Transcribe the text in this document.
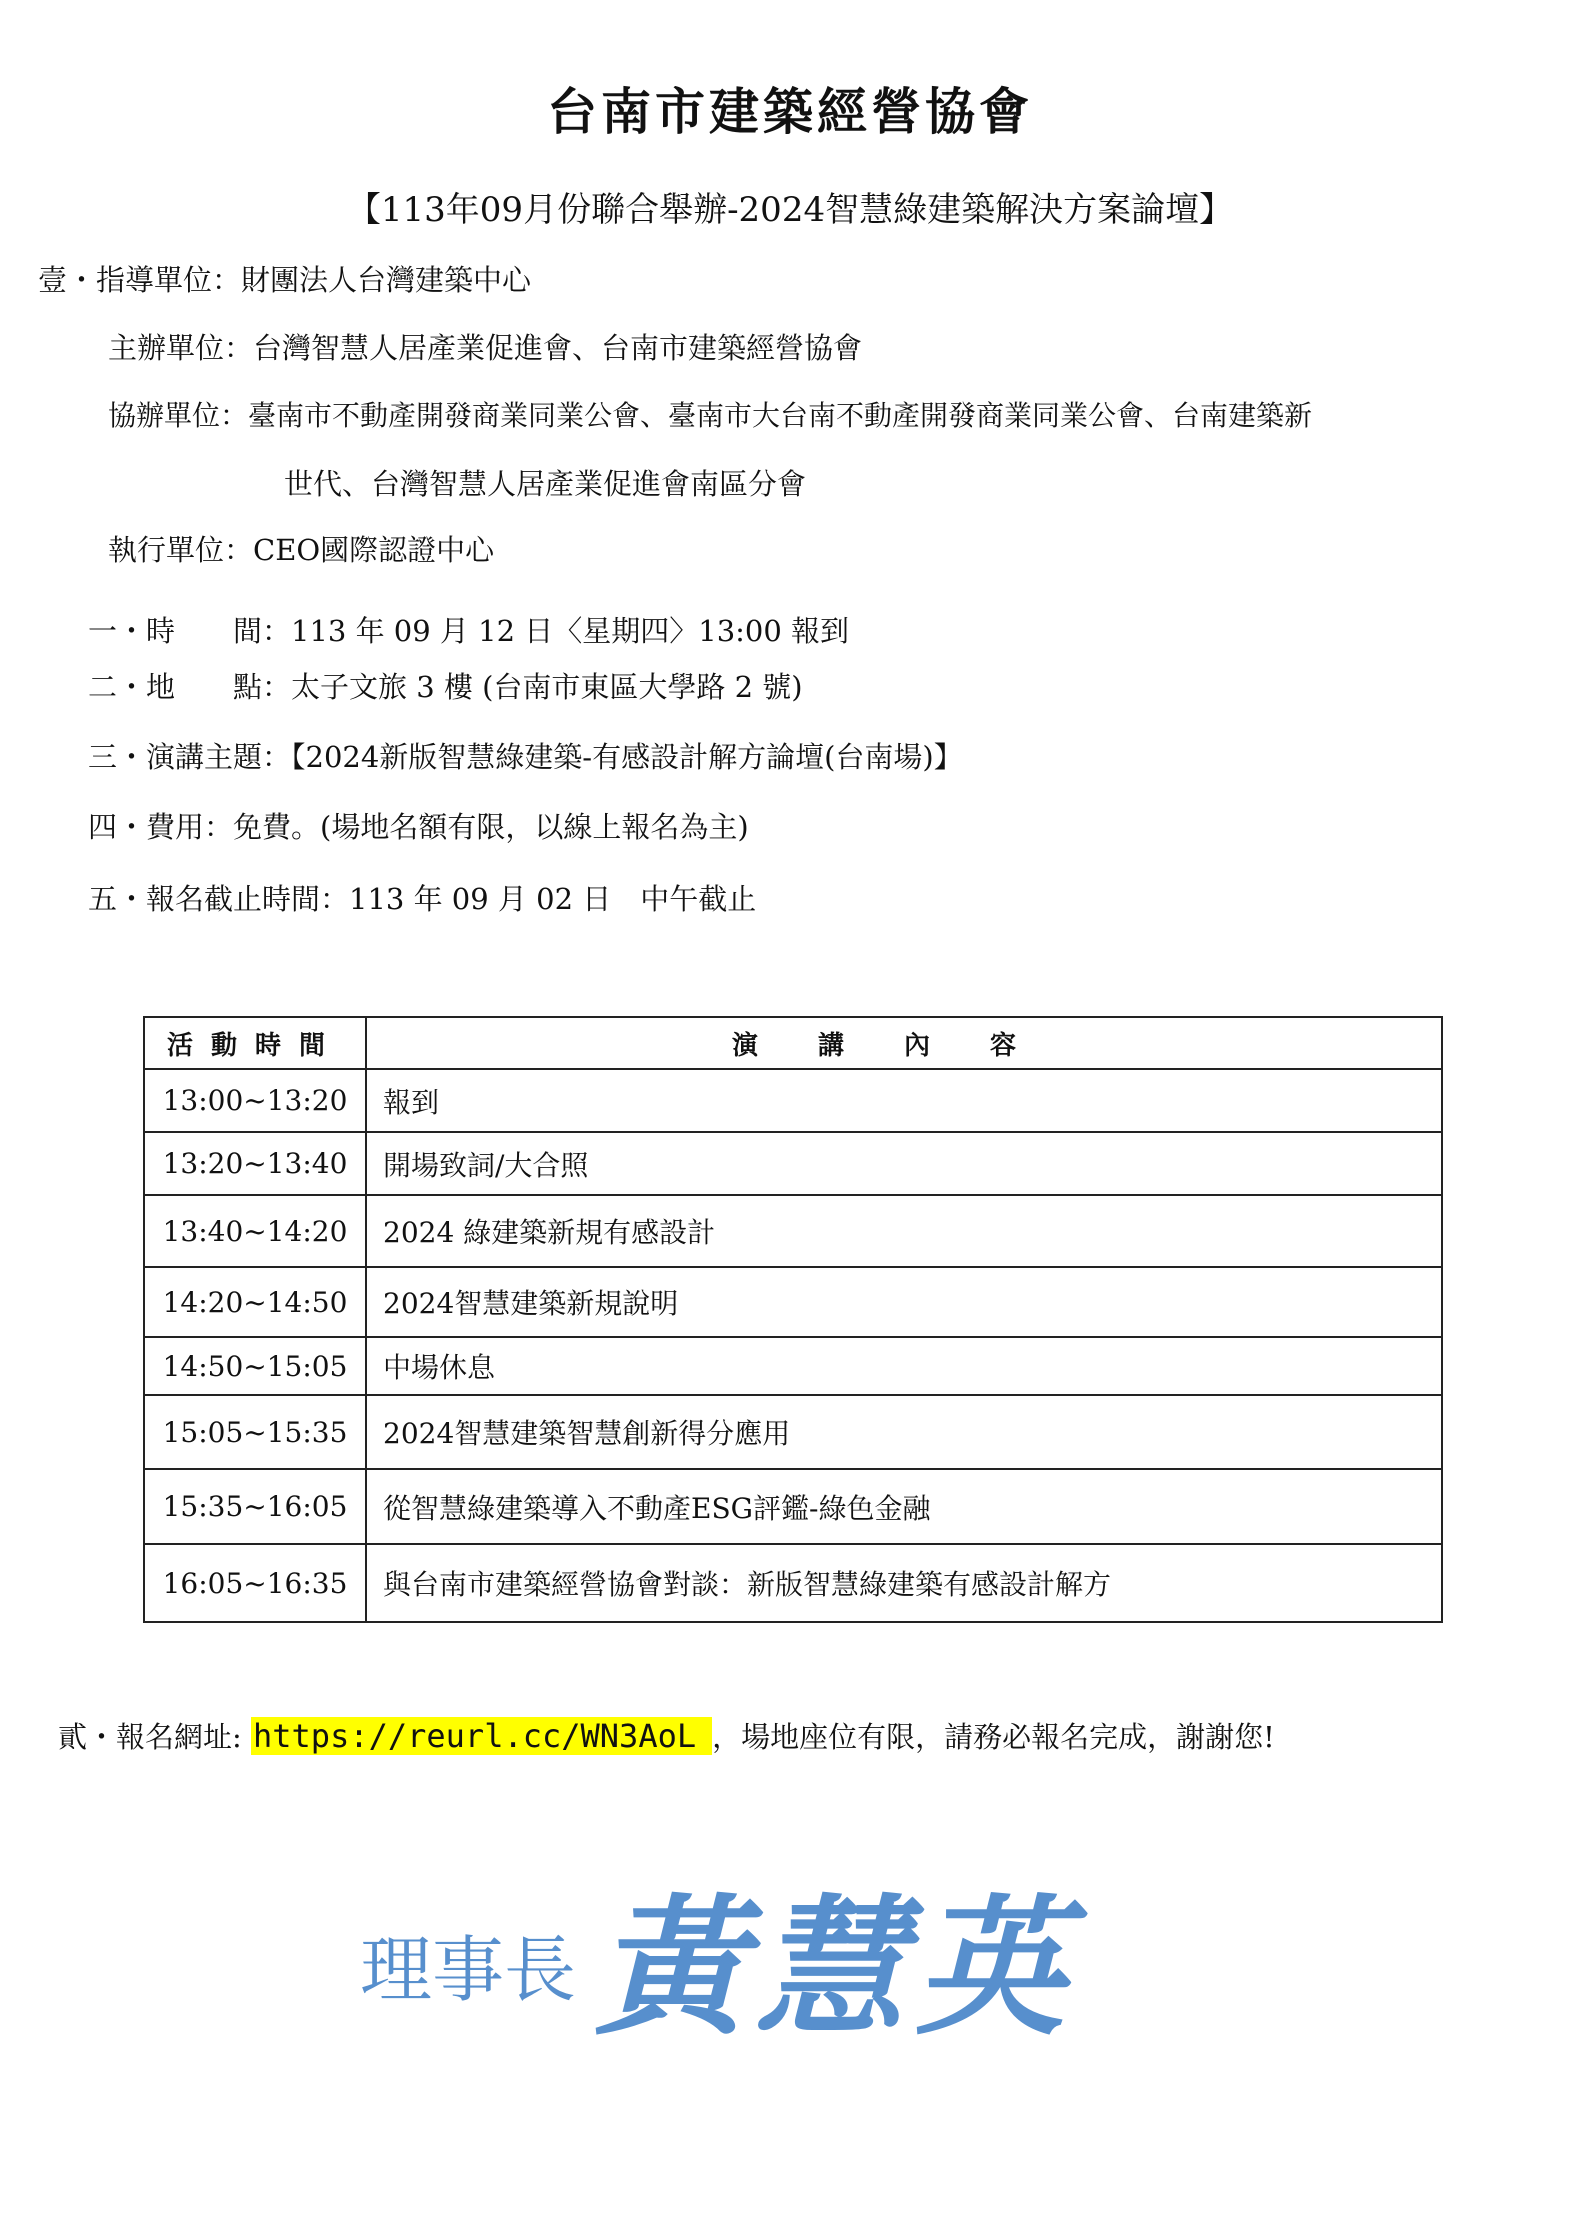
台南市建築經營協會
【113年09月份聯合舉辦-2024智慧綠建築解決方案論壇】
壹・指導單位：財團法人台灣建築中心
主辦單位：台灣智慧人居產業促進會、台南市建築經營協會
協辦單位：臺南市不動產開發商業同業公會、臺南市大台南不動產開發商業同業公會、台南建築新
世代、台灣智慧人居產業促進會南區分會
執行單位：CEO國際認證中心
一・時　　間：113 年 09 月 12 日〈星期四〉13:00 報到
二・地　　點：太子文旅 3 樓 (台南市東區大學路 2 號)
三・演講主題：【2024新版智慧綠建築-有感設計解方論壇(台南場)】
四・費用：免費。(場地名額有限，以線上報名為主)
五・報名截止時間：113 年 09 月 02 日　中午截止
活動時間	演講內容
13:00~13:20	報到
13:20~13:40	開場致詞/大合照
13:40~14:20	2024 綠建築新規有感設計
14:20~14:50	2024智慧建築新規說明
14:50~15:05	中場休息
15:05~15:35	2024智慧建築智慧創新得分應用
15:35~16:05	從智慧綠建築導入不動產ESG評鑑-綠色金融
16:05~16:35	與台南市建築經營協會對談：新版智慧綠建築有感設計解方
貳・報名網址: https://reurl.cc/WN3AoL ，場地座位有限，請務必報名完成，謝謝您!
理事長 黃慧英
